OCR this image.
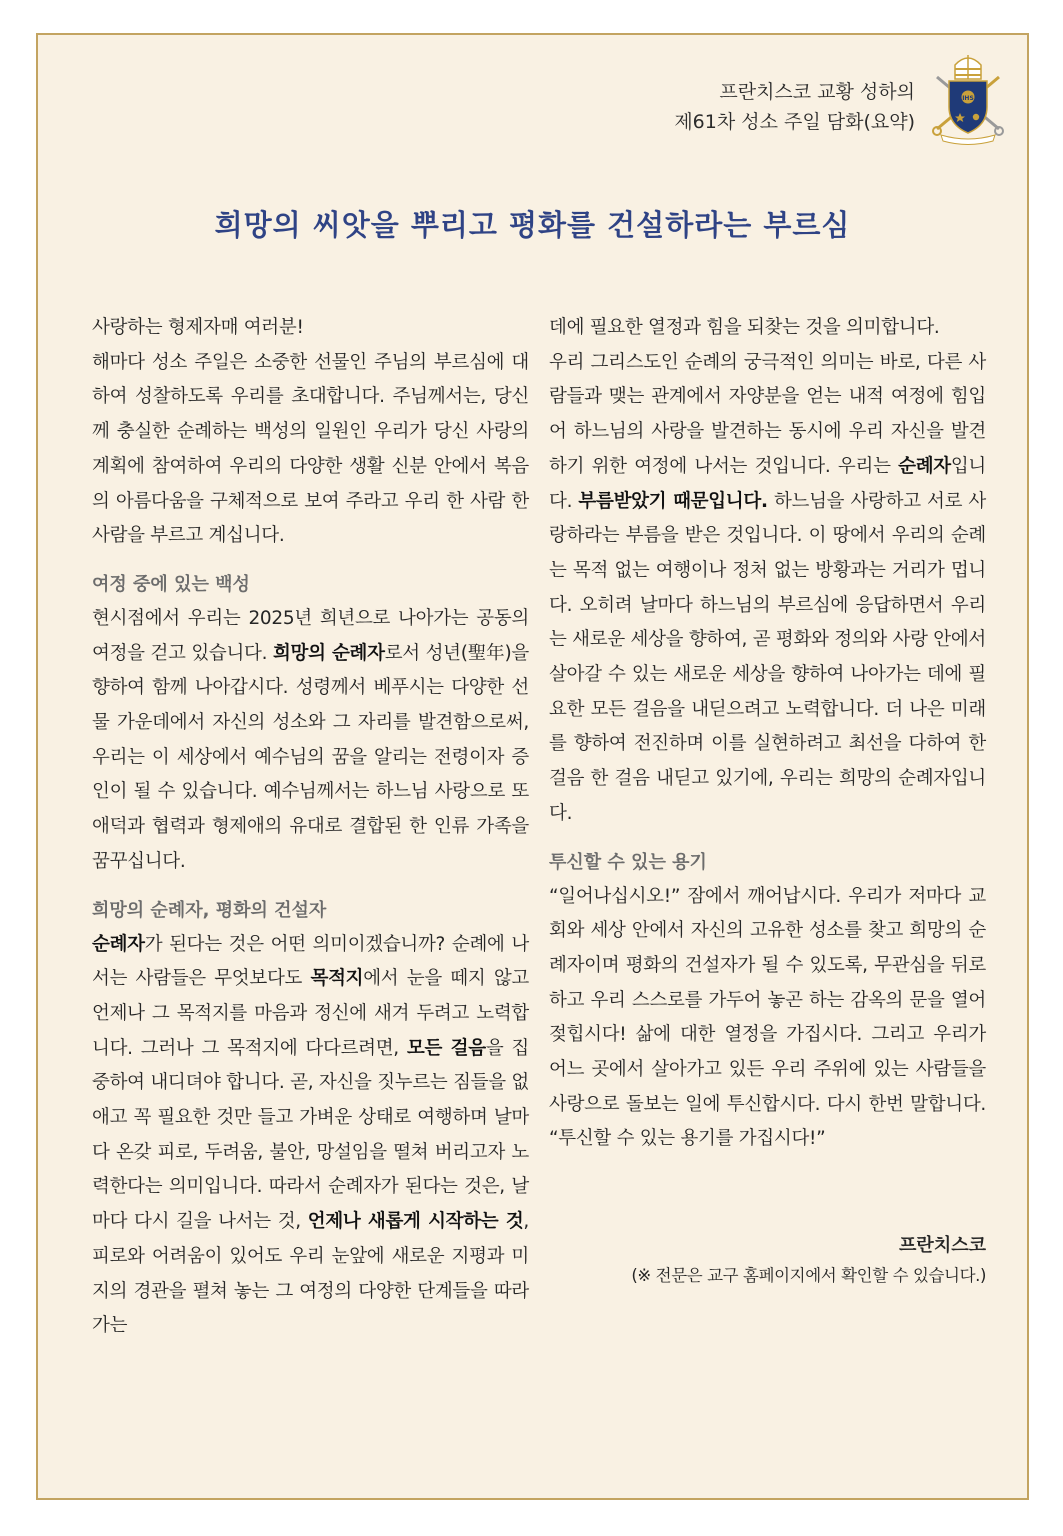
프란치스코 교황 성하의
제61차 성소 주일 담화(요약)
IHS
희망의 씨앗을 뿌리고 평화를 건설하라는 부르심

사랑하는 형제자매 여러분!

해마다 성소 주일은 소중한 선물인 주님의 부르심에 대하여 성찰하도록 우리를 초대합니다. 주님께서는, 당신께 충실한 순례하는 백성의 일원인 우리가 당신 사랑의 계획에 참여하여 우리의 다양한 생활 신분 안에서 복음의 아름다움을 구체적으로 보여 주라고 우리 한 사람 한 사람을 부르고 계십니다.

여정 중에 있는 백성

현시점에서 우리는 2025년 희년으로 나아가는 공동의 여정을 걷고 있습니다. 희망의 순례자로서 성년(聖年)을 향하여 함께 나아갑시다. 성령께서 베푸시는 다양한 선물 가운데에서 자신의 성소와 그 자리를 발견함으로써, 우리는 이 세상에서 예수님의 꿈을 알리는 전령이자 증인이 될 수 있습니다. 예수님께서는 하느님 사랑으로 또 애덕과 협력과 형제애의 유대로 결합된 한 인류 가족을 꿈꾸십니다.

희망의 순례자, 평화의 건설자

순례자가 된다는 것은 어떤 의미이겠습니까? 순례에 나서는 사람들은 무엇보다도 목적지에서 눈을 떼지 않고 언제나 그 목적지를 마음과 정신에 새겨 두려고 노력합니다. 그러나 그 목적지에 다다르려면, 모든 걸음을 집중하여 내디뎌야 합니다. 곧, 자신을 짓누르는 짐들을 없애고 꼭 필요한 것만 들고 가벼운 상태로 여행하며 날마다 온갖 피로, 두려움, 불안, 망설임을 떨쳐 버리고자 노력한다는 의미입니다. 따라서 순례자가 된다는 것은, 날마다 다시 길을 나서는 것, 언제나 새롭게 시작하는 것, 피로와 어려움이 있어도 우리 눈앞에 새로운 지평과 미지의 경관을 펼쳐 놓는 그 여정의 다양한 단계들을 따라가는

데에 필요한 열정과 힘을 되찾는 것을 의미합니다.

우리 그리스도인 순례의 궁극적인 의미는 바로, 다른 사람들과 맺는 관계에서 자양분을 얻는 내적 여정에 힘입어 하느님의 사랑을 발견하는 동시에 우리 자신을 발견하기 위한 여정에 나서는 것입니다. 우리는 순례자입니다. 부름받았기 때문입니다. 하느님을 사랑하고 서로 사랑하라는 부름을 받은 것입니다. 이 땅에서 우리의 순례는 목적 없는 여행이나 정처 없는 방황과는 거리가 멉니다. 오히려 날마다 하느님의 부르심에 응답하면서 우리는 새로운 세상을 향하여, 곧 평화와 정의와 사랑 안에서 살아갈 수 있는 새로운 세상을 향하여 나아가는 데에 필요한 모든 걸음을 내딛으려고 노력합니다. 더 나은 미래를 향하여 전진하며 이를 실현하려고 최선을 다하여 한 걸음 한 걸음 내딛고 있기에, 우리는 희망의 순례자입니다.

투신할 수 있는 용기

“일어나십시오!” 잠에서 깨어납시다. 우리가 저마다 교회와 세상 안에서 자신의 고유한 성소를 찾고 희망의 순례자이며 평화의 건설자가 될 수 있도록, 무관심을 뒤로하고 우리 스스로를 가두어 놓곤 하는 감옥의 문을 열어젖힙시다! 삶에 대한 열정을 가집시다. 그리고 우리가 어느 곳에서 살아가고 있든 우리 주위에 있는 사람들을 사랑으로 돌보는 일에 투신합시다. 다시 한번 말합니다. “투신할 수 있는 용기를 가집시다!”

프란치스코
(※ 전문은 교구 홈페이지에서 확인할 수 있습니다.)
